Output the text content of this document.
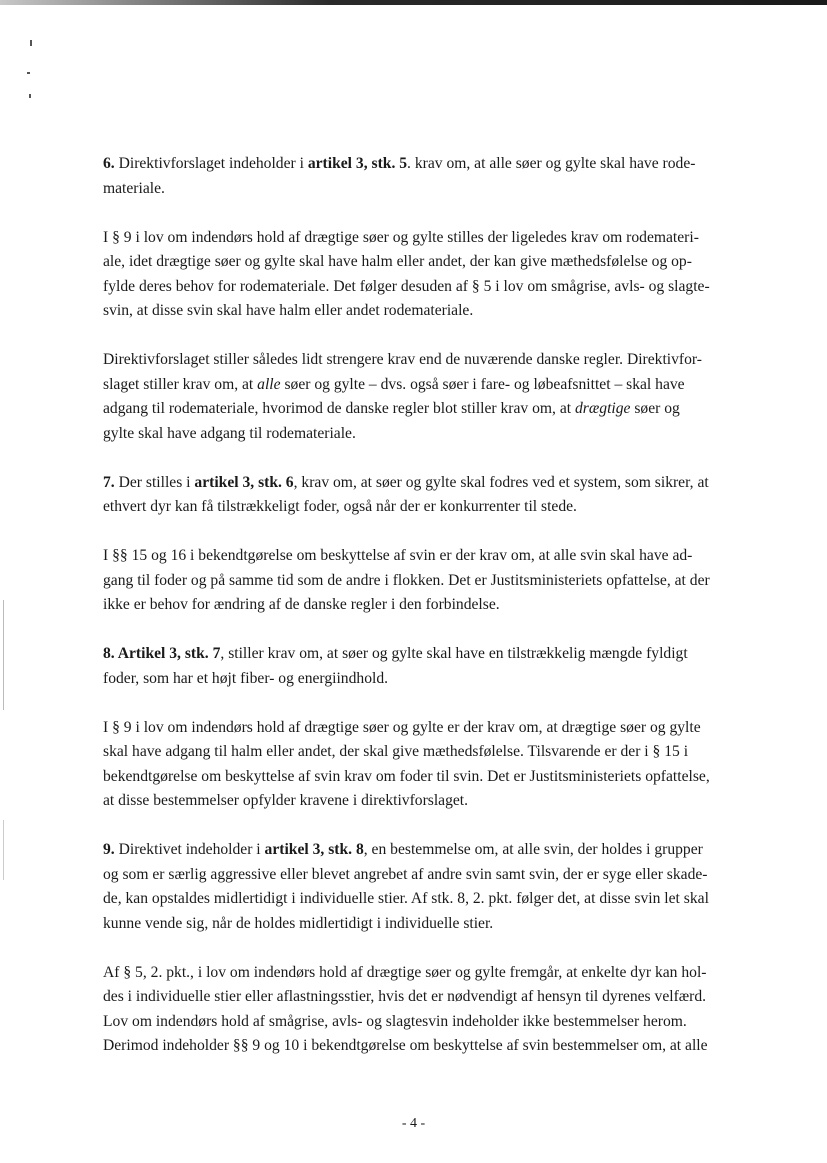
6. Direktivforslaget indeholder i artikel 3, stk. 5. krav om, at alle søer og gylte skal have rode-
materiale.
I § 9 i lov om indendørs hold af drægtige søer og gylte stilles der ligeledes krav om rodemateri-
ale, idet drægtige søer og gylte skal have halm eller andet, der kan give mæthedsfølelse og op-
fylde deres behov for rodemateriale. Det følger desuden af § 5 i lov om smågrise, avls- og slagte-
svin, at disse svin skal have halm eller andet rodemateriale.
Direktivforslaget stiller således lidt strengere krav end de nuværende danske regler. Direktivfor-
slaget stiller krav om, at alle søer og gylte – dvs. også søer i fare- og løbeafsnittet – skal have
adgang til rodemateriale, hvorimod de danske regler blot stiller krav om, at drægtige søer og
gylte skal have adgang til rodemateriale.
7. Der stilles i artikel 3, stk. 6, krav om, at søer og gylte skal fodres ved et system, som sikrer, at
ethvert dyr kan få tilstrækkeligt foder, også når der er konkurrenter til stede.
I §§ 15 og 16 i bekendtgørelse om beskyttelse af svin er der krav om, at alle svin skal have ad-
gang til foder og på samme tid som de andre i flokken. Det er Justitsministeriets opfattelse, at der
ikke er behov for ændring af de danske regler i den forbindelse.
8. Artikel 3, stk. 7, stiller krav om, at søer og gylte skal have en tilstrækkelig mængde fyldigt
foder, som har et højt fiber- og energiindhold.
I § 9 i lov om indendørs hold af drægtige søer og gylte er der krav om, at drægtige søer og gylte
skal have adgang til halm eller andet, der skal give mæthedsfølelse. Tilsvarende er der i § 15 i
bekendtgørelse om beskyttelse af svin krav om foder til svin. Det er Justitsministeriets opfattelse,
at disse bestemmelser opfylder kravene i direktivforslaget.
9. Direktivet indeholder i artikel 3, stk. 8, en bestemmelse om, at alle svin, der holdes i grupper
og som er særlig aggressive eller blevet angrebet af andre svin samt svin, der er syge eller skade-
de, kan opstaldes midlertidigt i individuelle stier. Af stk. 8, 2. pkt. følger det, at disse svin let skal
kunne vende sig, når de holdes midlertidigt i individuelle stier.
Af § 5, 2. pkt., i lov om indendørs hold af drægtige søer og gylte fremgår, at enkelte dyr kan hol-
des i individuelle stier eller aflastningsstier, hvis det er nødvendigt af hensyn til dyrenes velfærd.
Lov om indendørs hold af smågrise, avls- og slagtesvin indeholder ikke bestemmelser herom.
Derimod indeholder §§ 9 og 10 i bekendtgørelse om beskyttelse af svin bestemmelser om, at alle
- 4 -
